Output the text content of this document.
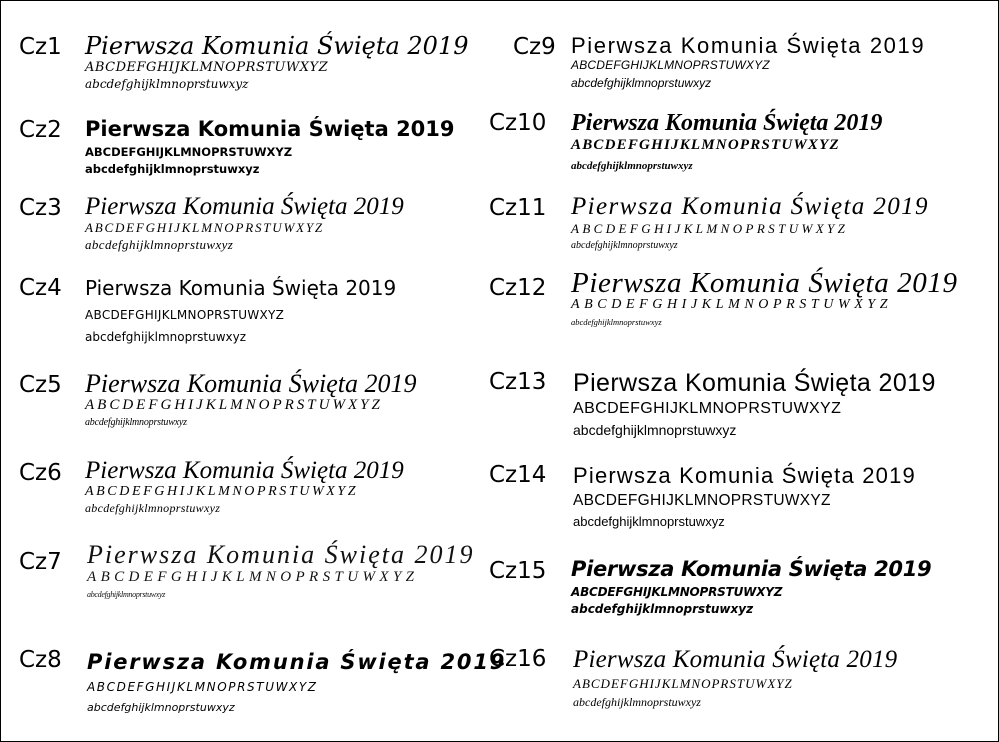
Cz1 Pierwsza Komunia Święta 2019
ABCDEFGHIJKLMNOPRSTUWXYZ
abcdefghijklmnoprstuwxyz
Cz2 Pierwsza Komunia Święta 2019
ABCDEFGHIJKLMNOPRSTUWXYZ
abcdefghijklmnoprstuwxyz
Cz3 Pierwsza Komunia Święta 2019
ABCDEFGHIJKLMNOPRSTUWXYZ
abcdefghijklmnoprstuwxyz
Cz4 Pierwsza Komunia Święta 2019
ABCDEFGHIJKLMNOPRSTUWXYZ
abcdefghijklmnoprstuwxyz
Cz5 Pierwsza Komunia Święta 2019
ABCDEFGHIJKLMNOPRSTUWXYZ
abcdefghijklmnoprstuwxyz
Cz6 Pierwsza Komunia Święta 2019
ABCDEFGHIJKLMNOPRSTUWXYZ
abcdefghijklmnoprstuwxyz
Cz7 Pierwsza Komunia Święta 2019
ABCDEFGHIJKLMNOPRSTUWXYZ
abcdefghijklmnoprstuwxyz
Cz8 Pierwsza Komunia Święta 2019
ABCDEFGHIJKLMNOPRSTUWXYZ
abcdefghijklmnoprstuwxyz
Cz9 Pierwsza Komunia Święta 2019
ABCDEFGHIJKLMNOPRSTUWXYZ
abcdefghijklmnoprstuwxyz
Cz10 Pierwsza Komunia Święta 2019
ABCDEFGHIJKLMNOPRSTUWXYZ
abcdefghijklmnoprstuwxyz
Cz11 Pierwsza Komunia Święta 2019
ABCDEFGHIJKLMNOPRSTUWXYZ
abcdefghijklmnoprstuwxyz
Cz12 Pierwsza Komunia Święta 2019
ABCDEFGHIJKLMNOPRSTUWXYZ
abcdefghijklmnoprstuwxyz
Cz13 Pierwsza Komunia Święta 2019
ABCDEFGHIJKLMNOPRSTUWXYZ
abcdefghijklmnoprstuwxyz
Cz14 Pierwsza Komunia Święta 2019
ABCDEFGHIJKLMNOPRSTUWXYZ
abcdefghijklmnoprstuwxyz
Cz15 Pierwsza Komunia Święta 2019
ABCDEFGHIJKLMNOPRSTUWXYZ
abcdefghijklmnoprstuwxyz
Cz16 Pierwsza Komunia Święta 2019
ABCDEFGHIJKLMNOPRSTUWXYZ
abcdefghijklmnoprstuwxyz
